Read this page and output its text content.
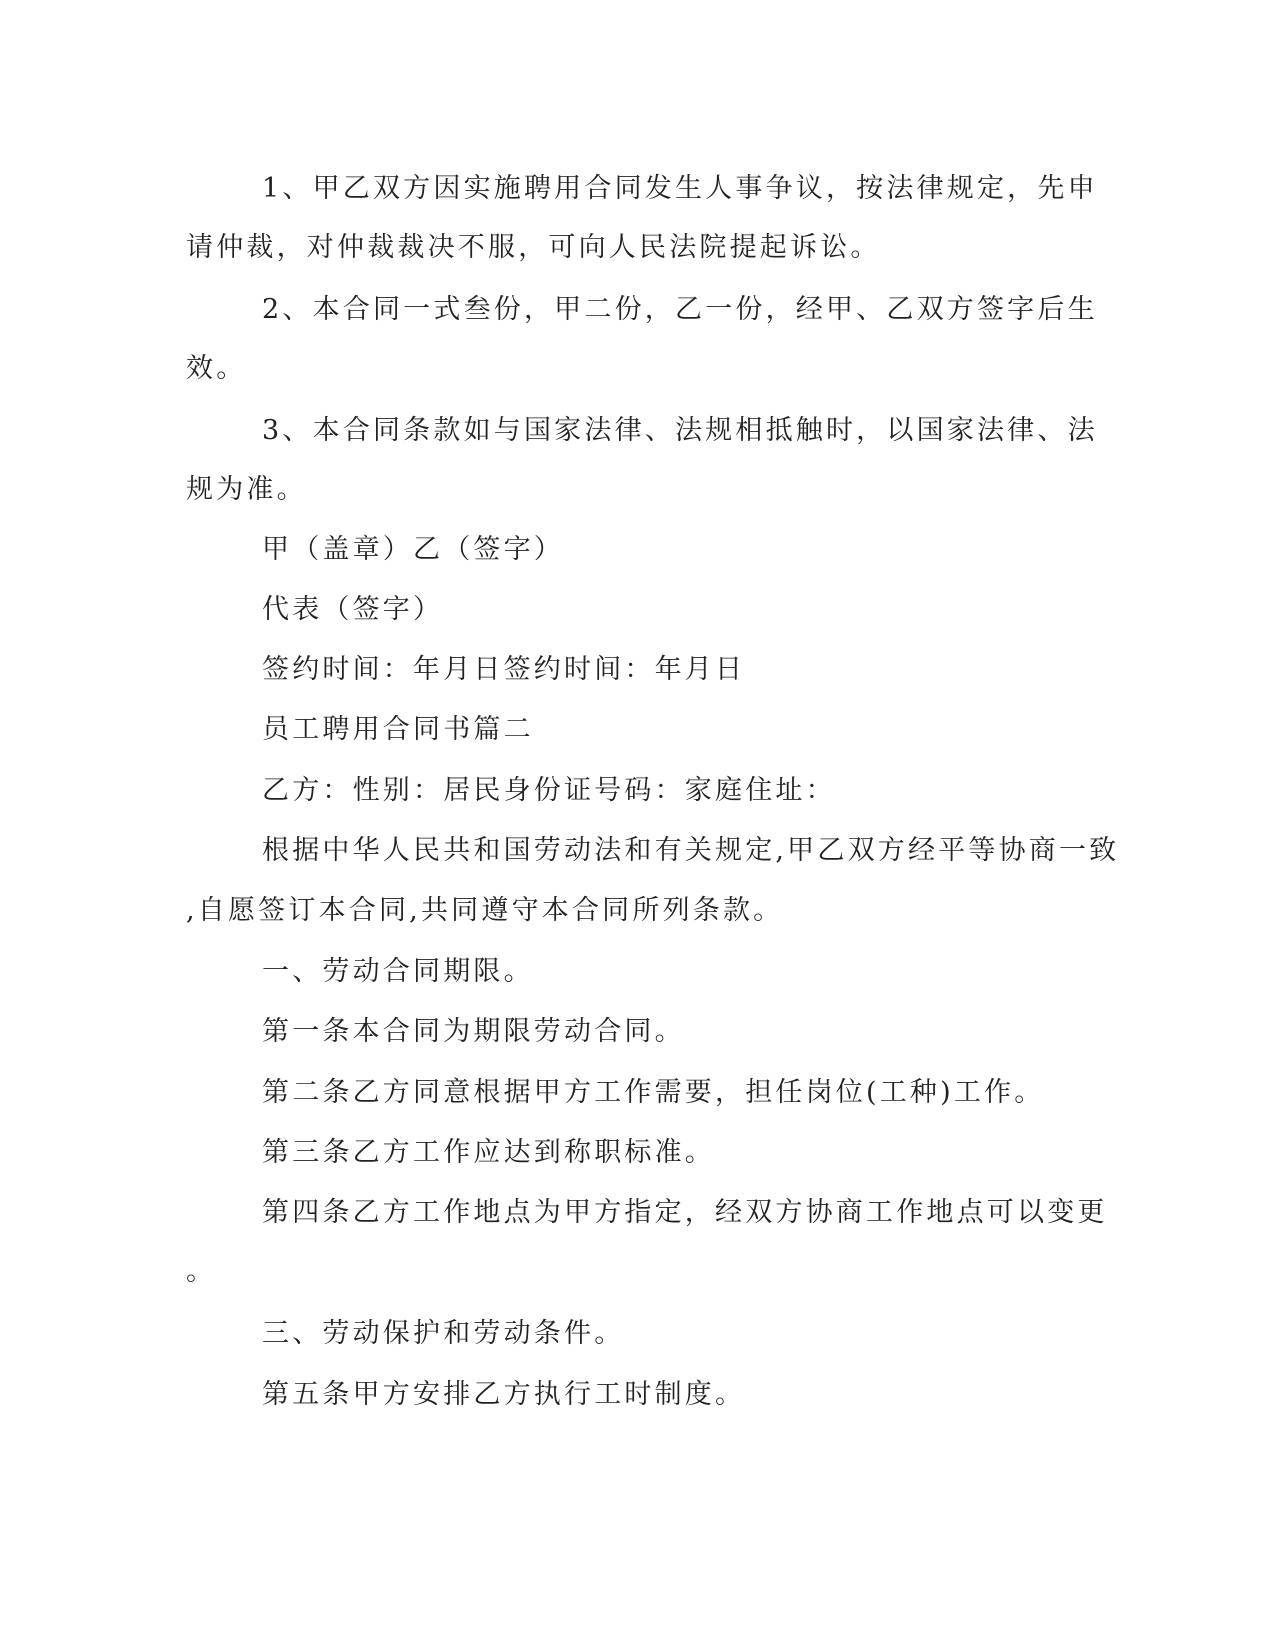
1、甲乙双方因实施聘用合同发生人事争议，按法律规定，先申
请仲裁，对仲裁裁决不服，可向人民法院提起诉讼。
2、本合同一式叁份，甲二份，乙一份，经甲、乙双方签字后生
效。
3、本合同条款如与国家法律、法规相抵触时，以国家法律、法
规为准。
甲（盖章）乙（签字）
代表（签字）
签约时间：年月日签约时间：年月日
员工聘用合同书篇二
乙方：性别：居民身份证号码：家庭住址：
根据中华人民共和国劳动法和有关规定,甲乙双方经平等协商一致
,自愿签订本合同,共同遵守本合同所列条款。
一、劳动合同期限。
第一条本合同为期限劳动合同。
第二条乙方同意根据甲方工作需要，担任岗位(工种)工作。
第三条乙方工作应达到称职标准。
第四条乙方工作地点为甲方指定，经双方协商工作地点可以变更
。
三、劳动保护和劳动条件。
第五条甲方安排乙方执行工时制度。
